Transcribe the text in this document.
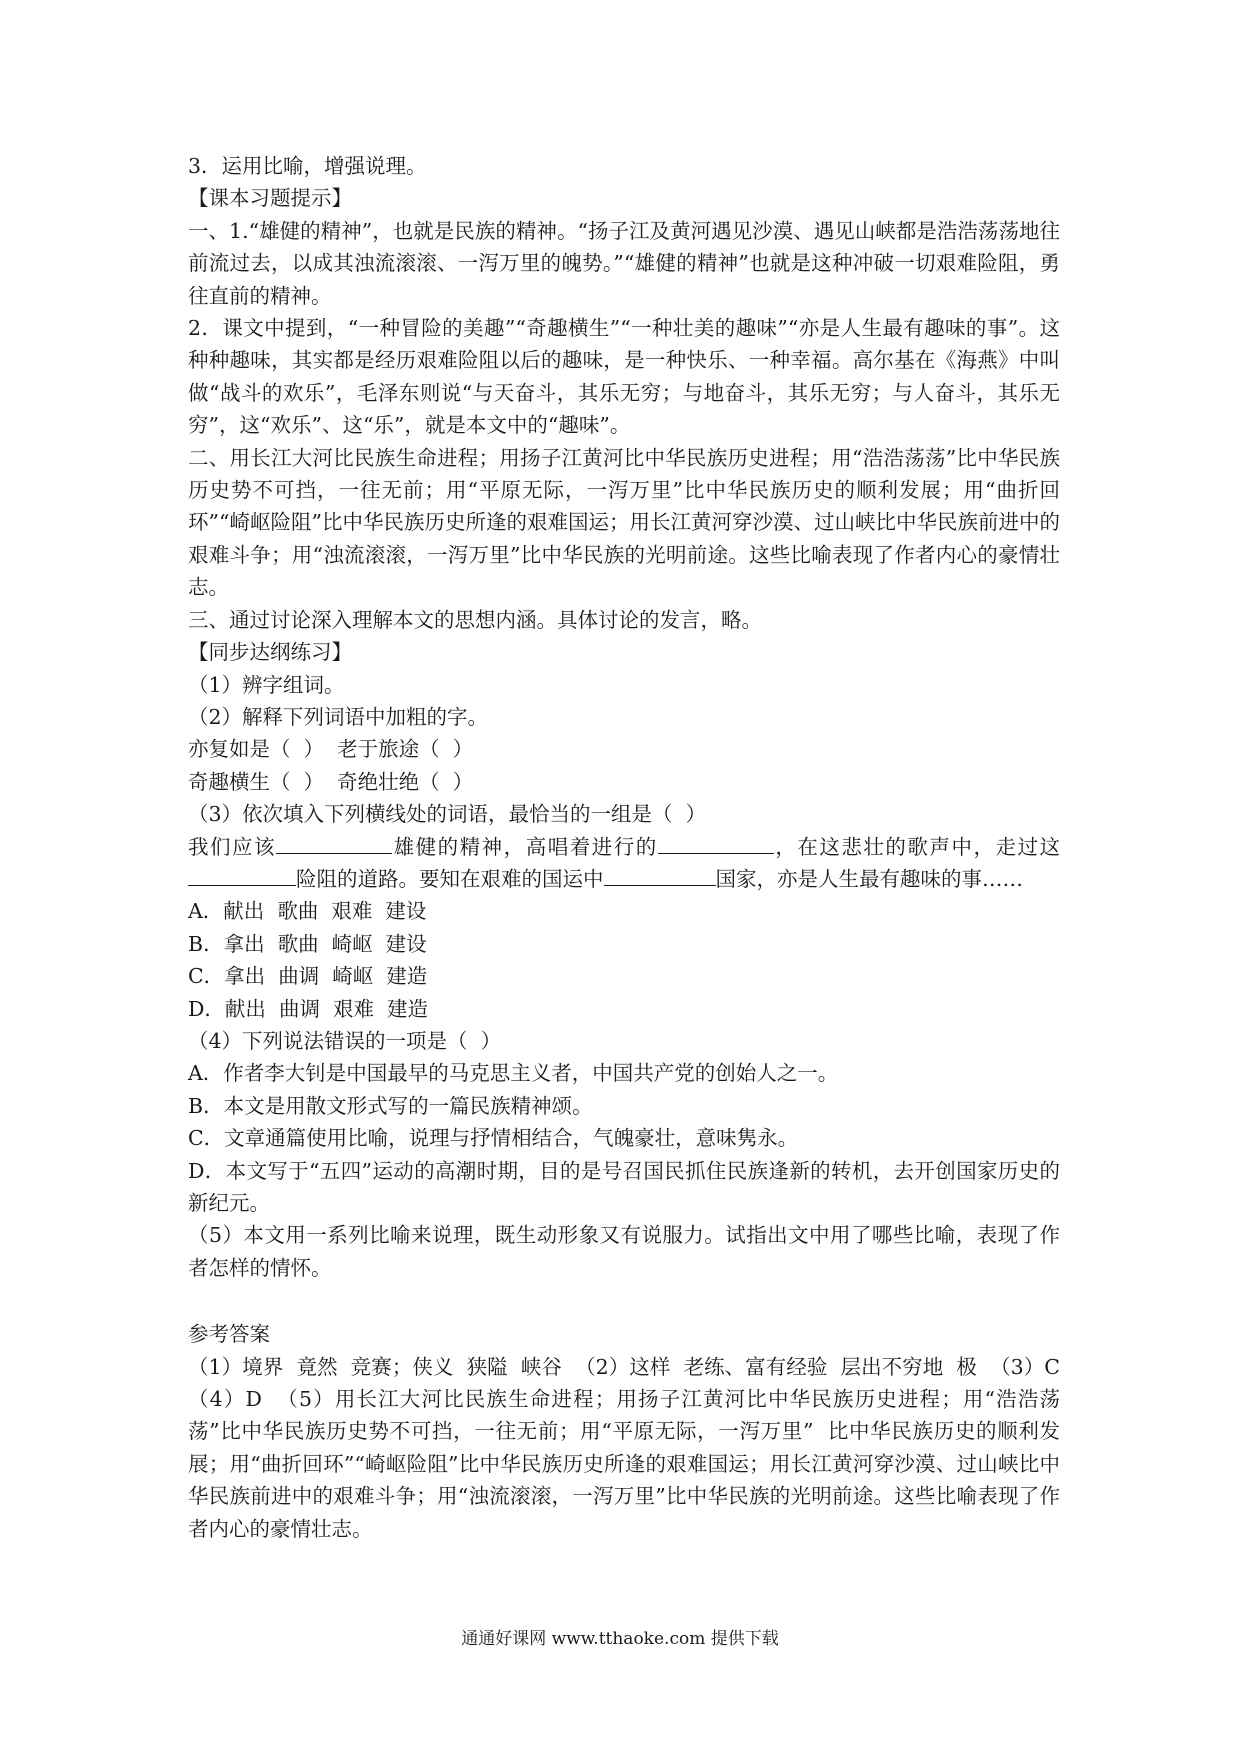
3．运用比喻，增强说理。

【课本习题提示】

一、1.“雄健的精神”，也就是民族的精神。“扬子江及黄河遇见沙漠、遇见山峡都是浩浩荡荡地往前流过去，以成其浊流滚滚、一泻万里的魄势。”“雄健的精神”也就是这种冲破一切艰难险阻，勇往直前的精神。

2．课文中提到，“一种冒险的美趣”“奇趣横生”“一种壮美的趣味”“亦是人生最有趣味的事”。这种种趣味，其实都是经历艰难险阻以后的趣味，是一种快乐、一种幸福。高尔基在《海燕》中叫做“战斗的欢乐”，毛泽东则说“与天奋斗，其乐无穷；与地奋斗，其乐无穷；与人奋斗，其乐无穷”，这“欢乐”、这“乐”，就是本文中的“趣味”。

二、用长江大河比民族生命进程；用扬子江黄河比中华民族历史进程；用“浩浩荡荡”比中华民族历史势不可挡，一往无前；用“平原无际，一泻万里”比中华民族历史的顺利发展；用“曲折回环”“崎岖险阻”比中华民族历史所逢的艰难国运；用长江黄河穿沙漠、过山峡比中华民族前进中的艰难斗争；用“浊流滚滚，一泻万里”比中华民族的光明前途。这些比喻表现了作者内心的豪情壮志。

三、通过讨论深入理解本文的思想内涵。具体讨论的发言，略。

【同步达纲练习】

（1）辨字组词。

（2）解释下列词语中加粗的字。

亦复如是（  ）  老于旅途（  ）

奇趣横生（  ）  奇绝壮绝（  ）

（3）依次填入下列横线处的词语，最恰当的一组是（  ）

我们应该	雄健的精神，高唱着进行的	，在这悲壮的歌声中，走过这险阻的道路。要知在艰难的国运中	国家，亦是人生最有趣味的事……

A．献出  歌曲  艰难  建设

B．拿出  歌曲  崎岖  建设

C．拿出  曲调  崎岖  建造

D．献出  曲调  艰难  建造

（4）下列说法错误的一项是（  ）

A．作者李大钊是中国最早的马克思主义者，中国共产党的创始人之一。

B．本文是用散文形式写的一篇民族精神颂。

C．文章通篇使用比喻，说理与抒情相结合，气魄豪壮，意味隽永。

D．本文写于“五四”运动的高潮时期，目的是号召国民抓住民族逢新的转机，去开创国家历史的新纪元。

（5）本文用一系列比喻来说理，既生动形象又有说服力。试指出文中用了哪些比喻，表现了作者怎样的情怀。

参考答案

（1）境界  竟然  竞赛；侠义  狭隘  峡谷  （2）这样  老练、富有经验  层出不穷地  极  （3）C  （4）D  （5）用长江大河比民族生命进程；用扬子江黄河比中华民族历史进程；用“浩浩荡荡”比中华民族历史势不可挡，一往无前；用“平原无际，一泻万里”  比中华民族历史的顺利发展；用“曲折回环”“崎岖险阻”比中华民族历史所逢的艰难国运；用长江黄河穿沙漠、过山峡比中华民族前进中的艰难斗争；用“浊流滚滚，一泻万里”比中华民族的光明前途。这些比喻表现了作者内心的豪情壮志。

通通好课网 www.tthaoke.com 提供下载
